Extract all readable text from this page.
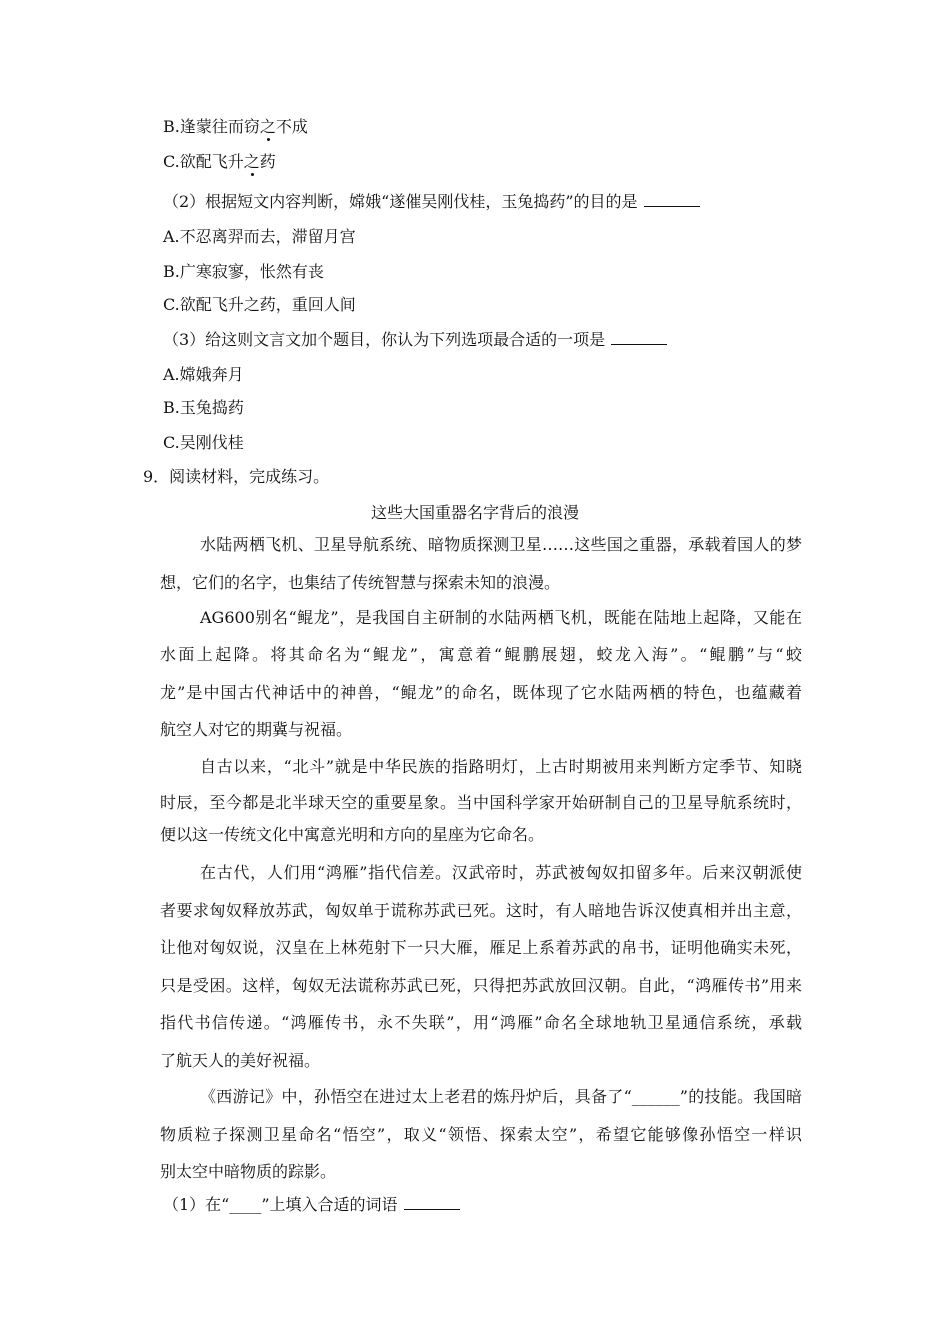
B.逢蒙往而窃之不成
C.欲配飞升之药
（2）根据短文内容判断，嫦娥“遂催吴刚伐桂，玉兔捣药”的目的是
A.不忍离羿而去，滞留月宫
B.广寒寂寥，怅然有丧
C.欲配飞升之药，重回人间
（3）给这则文言文加个题目，你认为下列选项最合适的一项是
A.嫦娥奔月
B.玉兔捣药
C.吴刚伐桂
9．阅读材料，完成练习。
这些大国重器名字背后的浪漫
水陆两栖飞机、卫星导航系统、暗物质探测卫星……这些国之重器，承载着国人的梦
想，它们的名字，也集结了传统智慧与探索未知的浪漫。
AG600别名“鲲龙”，是我国自主研制的水陆两栖飞机，既能在陆地上起降，又能在
水面上起降。将其命名为“鲲龙”，寓意着“鲲鹏展翅，蛟龙入海”。“鲲鹏”与“蛟
龙”是中国古代神话中的神兽，“鲲龙”的命名，既体现了它水陆两栖的特色，也蕴藏着
航空人对它的期冀与祝福。
自古以来，“北斗”就是中华民族的指路明灯，上古时期被用来判断方定季节、知晓
时辰，至今都是北半球天空的重要星象。当中国科学家开始研制自己的卫星导航系统时，
便以这一传统文化中寓意光明和方向的星座为它命名。
在古代，人们用“鸿雁”指代信差。汉武帝时，苏武被匈奴扣留多年。后来汉朝派使
者要求匈奴释放苏武，匈奴单于谎称苏武已死。这时，有人暗地告诉汉使真相并出主意，
让他对匈奴说，汉皇在上林苑射下一只大雁，雁足上系着苏武的帛书，证明他确实未死，
只是受困。这样，匈奴无法谎称苏武已死，只得把苏武放回汉朝。自此，“鸿雁传书”用来
指代书信传递。“鸿雁传书，永不失联”，用“鸿雁”命名全球地轨卫星通信系统，承载
了航天人的美好祝福。
《西游记》中，孙悟空在进过太上老君的炼丹炉后，具备了“______”的技能。我国暗
物质粒子探测卫星命名“悟空”，取义“领悟、探索太空”，希望它能够像孙悟空一样识
别太空中暗物质的踪影。
（1）在“____”上填入合适的词语
